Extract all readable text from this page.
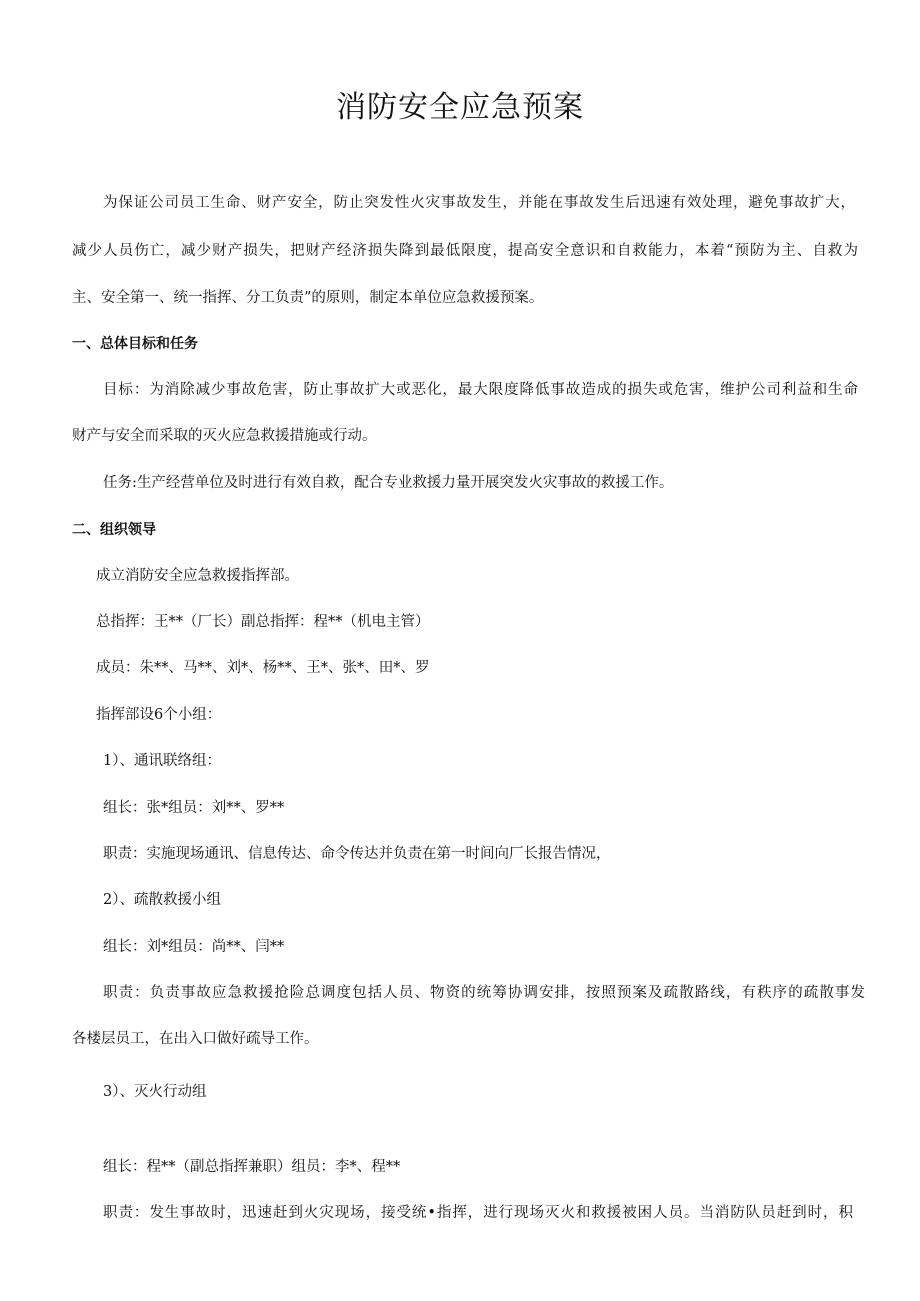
消防安全应急预案
为保证公司员工生命、财产安全，防止突发性火灾事故发生，并能在事故发生后迅速有效处理，避免事故扩大，
减少人员伤亡，减少财产损失，把财产经济损失降到最低限度，提高安全意识和自救能力，本着“预防为主、自救为
主、安全第一、统一指挥、分工负责”的原则，制定本单位应急救援预案。
一、总体目标和任务
目标：为消除减少事故危害，防止事故扩大或恶化，最大限度降低事故造成的损失或危害，维护公司利益和生命
财产与安全而采取的灭火应急救援措施或行动。
任务:生产经营单位及时进行有效自救，配合专业救援力量开展突发火灾事故的救援工作。
二、组织领导
成立消防安全应急救援指挥部。
总指挥：王**（厂长）副总指挥：程**（机电主管）
成员：朱**、马**、刘*、杨**、王*、张*、田*、罗
指挥部设6个小组：
1）、通讯联络组：
组长：张*组员：刘**、罗**
职责：实施现场通讯、信息传达、命令传达并负责在第一时间向厂长报告情况，
2）、疏散救援小组
组长：刘*组员：尚**、闫**
职责：负责事故应急救援抢险总调度包括人员、物资的统筹协调安排，按照预案及疏散路线，有秩序的疏散事发
各楼层员工，在出入口做好疏导工作。
3）、灭火行动组
组长：程**（副总指挥兼职）组员：李*、程**
职责：发生事故时，迅速赶到火灾现场，接受统•指挥，进行现场灭火和救援被困人员。当消防队员赶到时，积
